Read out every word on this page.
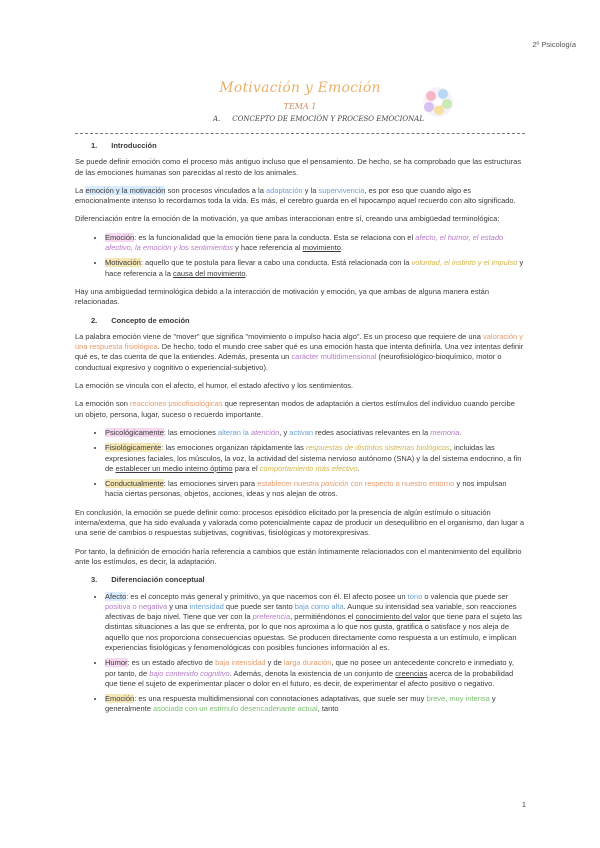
2º Psicología
Motivación y Emoción
TEMA 1
A. CONCEPTO DE EMOCIÓN Y PROCESO EMOCIONAL
1. Introducción

Se puede definir emoción como el proceso más antiguo incluso que el pensamiento. De hecho, se ha comprobado que las estructuras de las emociones humanas son parecidas al resto de los animales.

La emoción y la motivación son procesos vinculados a la adaptación y la supervivencia, es por eso que cuando algo es emocionalmente intenso lo recordamos toda la vida. Es más, el cerebro guarda en el hipocampo aquel recuerdo con alto significado.

Diferenciación entre la emoción de la motivación, ya que ambas interaccionan entre sí, creando una ambigüedad terminológica:

• Emoción: es la funcionalidad que la emoción tiene para la conducta. Esta se relaciona con el afecto, el humor, el estado afectivo, la emoción y los sentimientos y hace referencia al movimiento.
• Motivación: aquello que te postula para llevar a cabo una conducta. Está relacionada con la voluntad, el instinto y el impulso y hace referencia a la causa del movimiento.

Hay una ambigüedad terminológica debido a la interacción de motivación y emoción, ya que ambas de alguna manera están relacionadas.

2. Concepto de emoción

La palabra emoción viene de "mover" que significa "movimiento o impulso hacia algo". Es un proceso que requiere de una valoración y una respuesta fisiológica. De hecho, todo el mundo cree saber qué es una emoción hasta que intenta definirla. Una vez intentas definir qué es, te das cuenta de que la entiendes. Además, presenta un carácter multidimensional (neurofisiológico-bioquímico, motor o conductual expresivo y cognitivo o experiencial-subjetivo).

La emoción se vincula con el afecto, el humor, el estado afectivo y los sentimientos.

La emoción son reacciones psicofisiológicas que representan modos de adaptación a ciertos estímulos del individuo cuando percibe un objeto, persona, lugar, suceso o recuerdo importante.

• Psicológicamente: las emociones alteran la atención, y activan redes asociativas relevantes en la memoria.
• Fisiológicamente: las emociones organizan rápidamente las respuestas de distintos sistemas biológicos, incluidas las expresiones faciales, los músculos, la voz, la actividad del sistema nervioso autónomo (SNA) y la del sistema endocrino, a fin de establecer un medio interno óptimo para el comportamiento más efectivo.
• Conductualmente: las emociones sirven para establecer nuestra posición con respecto a nuestro entorno y nos impulsan hacia ciertas personas, objetos, acciones, ideas y nos alejan de otros.

En conclusión, la emoción se puede definir como: procesos episódico elicitado por la presencia de algún estímulo o situación interna/externa, que ha sido evaluada y valorada como potencialmente capaz de producir un desequilibrio en el organismo, dan lugar a una serie de cambios o respuestas subjetivas, cognitivas, fisiológicas y motorexpresivas.

Por tanto, la definición de emoción haría referencia a cambios que están íntimamente relacionados con el mantenimiento del equilibrio ante los estímulos, es decir, la adaptación.

3. Diferenciación conceptual
• Afecto: es el concepto más general y primitivo, ya que nacemos con él. El afecto posee un tono o valencia que puede ser positiva o negativa y una intensidad que puede ser tanto baja como alta. Aunque su intensidad sea variable, son reacciones afectivas de bajo nivel. Tiene que ver con la preferencia, permitiéndonos el conocimiento del valor que tiene para el sujeto las distintas situaciones a las que se enfrenta, por lo que nos aproxima a lo que nos gusta, gratifica o satisface y nos aleja de aquello que nos proporciona consecuencias opuestas. Se producen directamente como respuesta a un estímulo, e implican experiencias fisiológicas y fenomenológicas con posibles funciones información al es.
• Humor: es un estado afectivo de baja intensidad y de larga duración, que no posee un antecedente concreto e inmediato y, por tanto, de bajo contenido cognitivo. Además, denota la existencia de un conjunto de creencias acerca de la probabilidad que tiene el sujeto de experimentar placer o dolor en el futuro, es decir, de experimentar el afecto positivo o negativo.
• Emoción: es una respuesta multidimensional con connotaciones adaptativas, que suele ser muy breve, muy intensa y generalmente asociada con un estímulo desencadenante actual, tanto
1
